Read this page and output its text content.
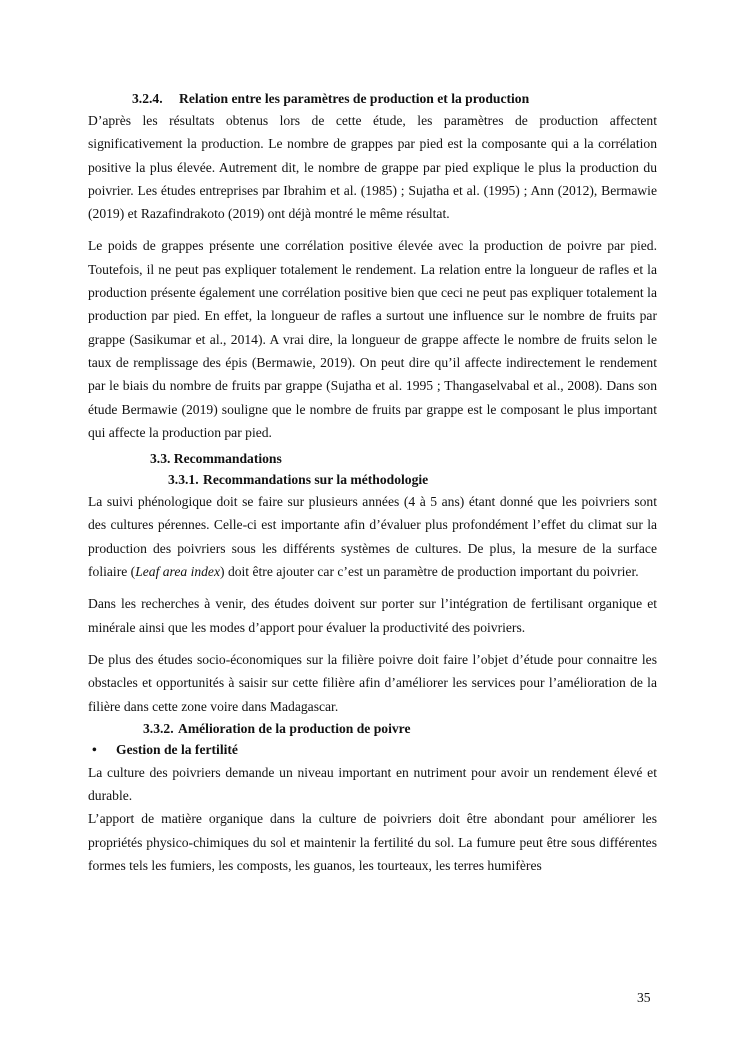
3.2.4. Relation entre les paramètres de production et la production

D’après les résultats obtenus lors de cette étude, les paramètres de production affectent significativement la production. Le nombre de grappes par pied est la composante qui a la corrélation positive la plus élevée. Autrement dit, le nombre de grappe par pied explique le plus la production du poivrier. Les études entreprises par Ibrahim et al. (1985) ; Sujatha et al. (1995) ; Ann (2012), Bermawie (2019) et Razafindrakoto (2019) ont déjà montré le même résultat.

Le poids de grappes présente une corrélation positive élevée avec la production de poivre par pied. Toutefois, il ne peut pas expliquer totalement le rendement. La relation entre la longueur de rafles et la production présente également une corrélation positive bien que ceci ne peut pas expliquer totalement la production par pied. En effet, la longueur de rafles a surtout une influence sur le nombre de fruits par grappe (Sasikumar et al., 2014). A vrai dire, la longueur de grappe affecte le nombre de fruits selon le taux de remplissage des épis (Bermawie, 2019). On peut dire qu’il affecte indirectement le rendement par le biais du nombre de fruits par grappe (Sujatha et al. 1995 ; Thangaselvabal et al., 2008). Dans son étude Bermawie (2019) souligne que le nombre de fruits par grappe est le composant le plus important qui affecte la production par pied.

3.3. Recommandations
3.3.1. Recommandations sur la méthodologie

La suivi phénologique doit se faire sur plusieurs années (4 à 5 ans) étant donné que les poivriers sont des cultures pérennes. Celle-ci est importante afin d’évaluer plus profondément l’effet du climat sur la production des poivriers sous les différents systèmes de cultures. De plus, la mesure de la surface foliaire (Leaf area index) doit être ajouter car c’est un paramètre de production important du poivrier.

Dans les recherches à venir, des études doivent sur porter sur l’intégration de fertilisant organique et minérale ainsi que les modes d’apport pour évaluer la productivité des poivriers.

De plus des études socio-économiques sur la filière poivre doit faire l’objet d’étude pour connaitre les obstacles et opportunités à saisir sur cette filière afin d’améliorer les services pour l’amélioration de la filière dans cette zone voire dans Madagascar.

3.3.2. Amélioration de la production de poivre
• Gestion de la fertilité

La culture des poivriers demande un niveau important en nutriment pour avoir un rendement élevé et durable.

L’apport de matière organique dans la culture de poivriers doit être abondant pour améliorer les propriétés physico-chimiques du sol et maintenir la fertilité du sol. La fumure peut être sous différentes formes tels les fumiers, les composts, les guanos, les tourteaux, les terres humifères

35
